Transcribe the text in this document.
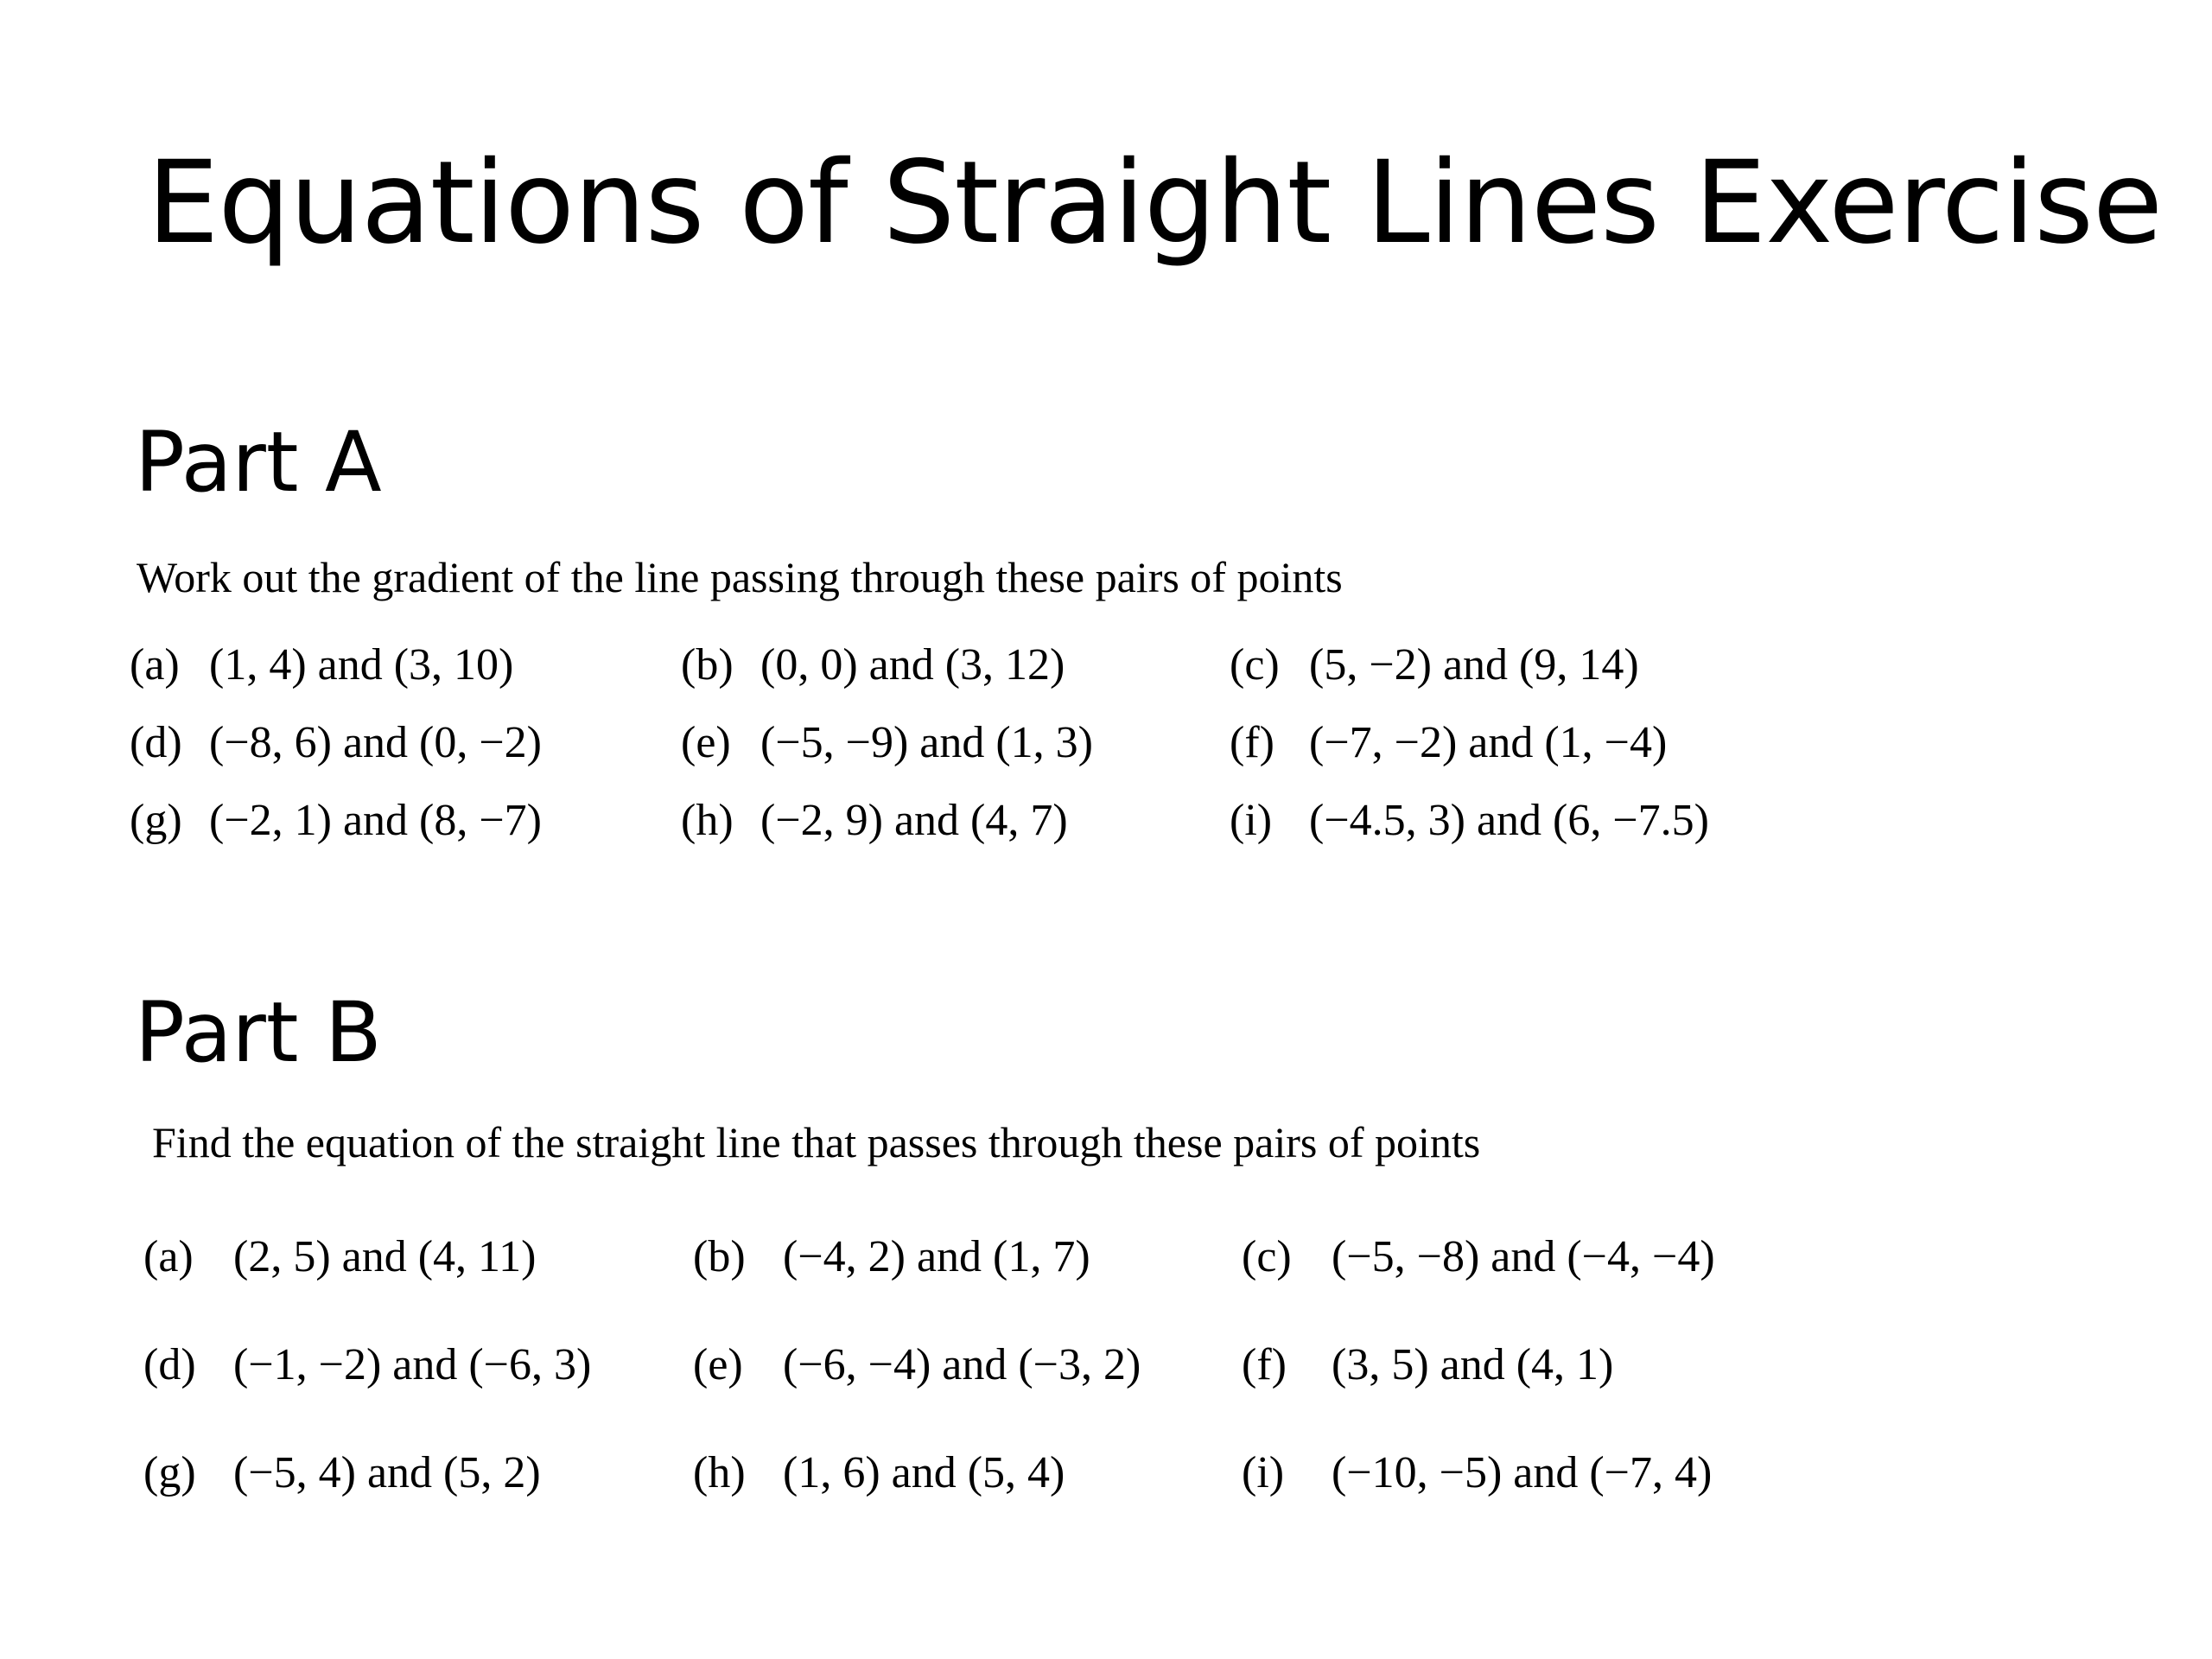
Equations of Straight Lines Exercise
Part A

Work out the gradient of the line passing through these pairs of points

(a) (1, 4) and (3, 10)	(b) (0, 0) and (3, 12)	(c) (5, −2) and (9, 14)
(d) (−8, 6) and (0, −2)	(e) (−5, −9) and (1, 3)	(f) (−7, −2) and (1, −4)
(g) (−2, 1) and (8, −7)	(h) (−2, 9) and (4, 7)	(i) (−4.5, 3) and (6, −7.5)
Part B

Find the equation of the straight line that passes through these pairs of points

(a) (2, 5) and (4, 11)	(b) (−4, 2) and (1, 7)	(c) (−5, −8) and (−4, −4)
(d) (−1, −2) and (−6, 3) (e) (−6, −4) and (−3, 2) (f) (3, 5) and (4, 1)
(g) (−5, 4) and (5, 2)	(h) (1, 6) and (5, 4)	(i) (−10, −5) and (−7, 4)
